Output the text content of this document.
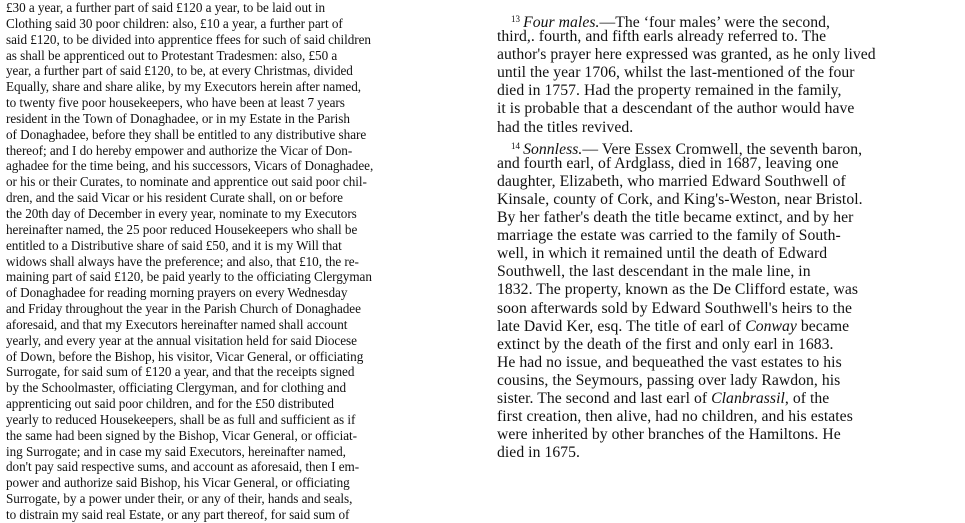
£30 a year, a further part of said £120 a year, to be laid out in

Clothing said 30 poor children: also, £10 a year, a further part of

said £120, to be divided into apprentice ffees for such of said children

as shall be apprenticed out to Protestant Tradesmen: also, £50 a

year, a further part of said £120, to be, at every Christmas, divided

Equally, share and share alike, by my Executors herein after named,

to twenty five poor housekeepers, who have been at least 7 years

resident in the Town of Donaghadee, or in my Estate in the Parish

of Donaghadee, before they shall be entitled to any distributive share

thereof; and I do hereby empower and authorize the Vicar of Don-

aghadee for the time being, and his successors, Vicars of Donaghadee,

or his or their Curates, to nominate and apprentice out said poor chil-

dren, and the said Vicar or his resident Curate shall, on or before

the 20th day of December in every year, nominate to my Executors

hereinafter named, the 25 poor reduced Housekeepers who shall be

entitled to a Distributive share of said £50, and it is my Will that

widows shall always have the preference; and also, that £10, the re-

maining part of said £120, be paid yearly to the officiating Clergyman

of Donaghadee for reading morning prayers on every Wednesday

and Friday throughout the year in the Parish Church of Donaghadee

aforesaid, and that my Executors hereinafter named shall account

yearly, and every year at the annual visitation held for said Diocese

of Down, before the Bishop, his visitor, Vicar General, or officiating

Surrogate, for said sum of £120 a year, and that the receipts signed

by the Schoolmaster, officiating Clergyman, and for clothing and

apprenticing out said poor children, and for the £50 distributed

yearly to reduced Housekeepers, shall be as full and sufficient as if

the same had been signed by the Bishop, Vicar General, or officiat-

ing Surrogate; and in case my said Executors, hereinafter named,

don't pay said respective sums, and account as aforesaid, then I em-

power and authorize said Bishop, his Vicar General, or officiating

Surrogate, by a power under their, or any of their, hands and seals,

to distrain my said real Estate, or any part thereof, for said sum of

$^{13}$ Four males.—The ‘four males’ were the second,

third,. fourth, and fifth earls already referred to. The

author's prayer here expressed was granted, as he only lived

until the year 1706, whilst the last-mentioned of the four

died in 1757. Had the property remained in the family,

it is probable that a descendant of the author would have

had the titles revived.

$^{14}$ Sonnless.— Vere Essex Cromwell, the seventh baron,

and fourth earl, of Ardglass, died in 1687, leaving one

daughter, Elizabeth, who married Edward Southwell of

Kinsale, county of Cork, and King's-Weston, near Bristol.

By her father's death the title became extinct, and by her

marriage the estate was carried to the family of South-

well, in which it remained until the death of Edward

Southwell, the last descendant in the male line, in

1832. The property, known as the De Clifford estate, was

soon afterwards sold by Edward Southwell's heirs to the

late David Ker, esq. The title of earl of Conway became

extinct by the death of the first and only earl in 1683.

He had no issue, and bequeathed the vast estates to his

cousins, the Seymours, passing over lady Rawdon, his

sister. The second and last earl of Clanbrassil, of the

first creation, then alive, had no children, and his estates

were inherited by other branches of the Hamiltons. He

died in 1675.
